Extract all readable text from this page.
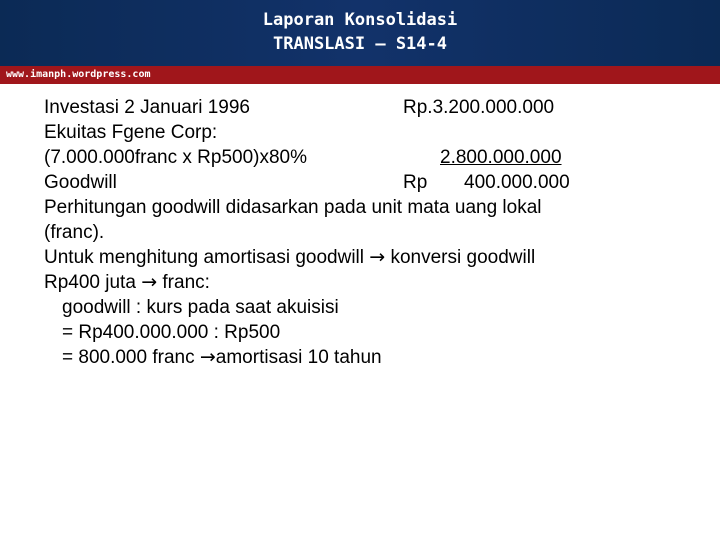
Laporan Konsolidasi
TRANSLASI – S14-4
www.imanph.wordpress.com
Investasi 2 Januari 1996	Rp.3.200.000.000
Ekuitas Fgene Corp:
(7.000.000franc x Rp500)x80%	2.800.000.000
Goodwill	Rp 400.000.000
Perhitungan goodwill didasarkan pada unit mata uang lokal
(franc).
Untuk menghitung amortisasi goodwill → konversi goodwill
Rp400 juta → franc:
goodwill : kurs pada saat akuisisi
= Rp400.000.000 : Rp500
= 800.000 franc →amortisasi 10 tahun
